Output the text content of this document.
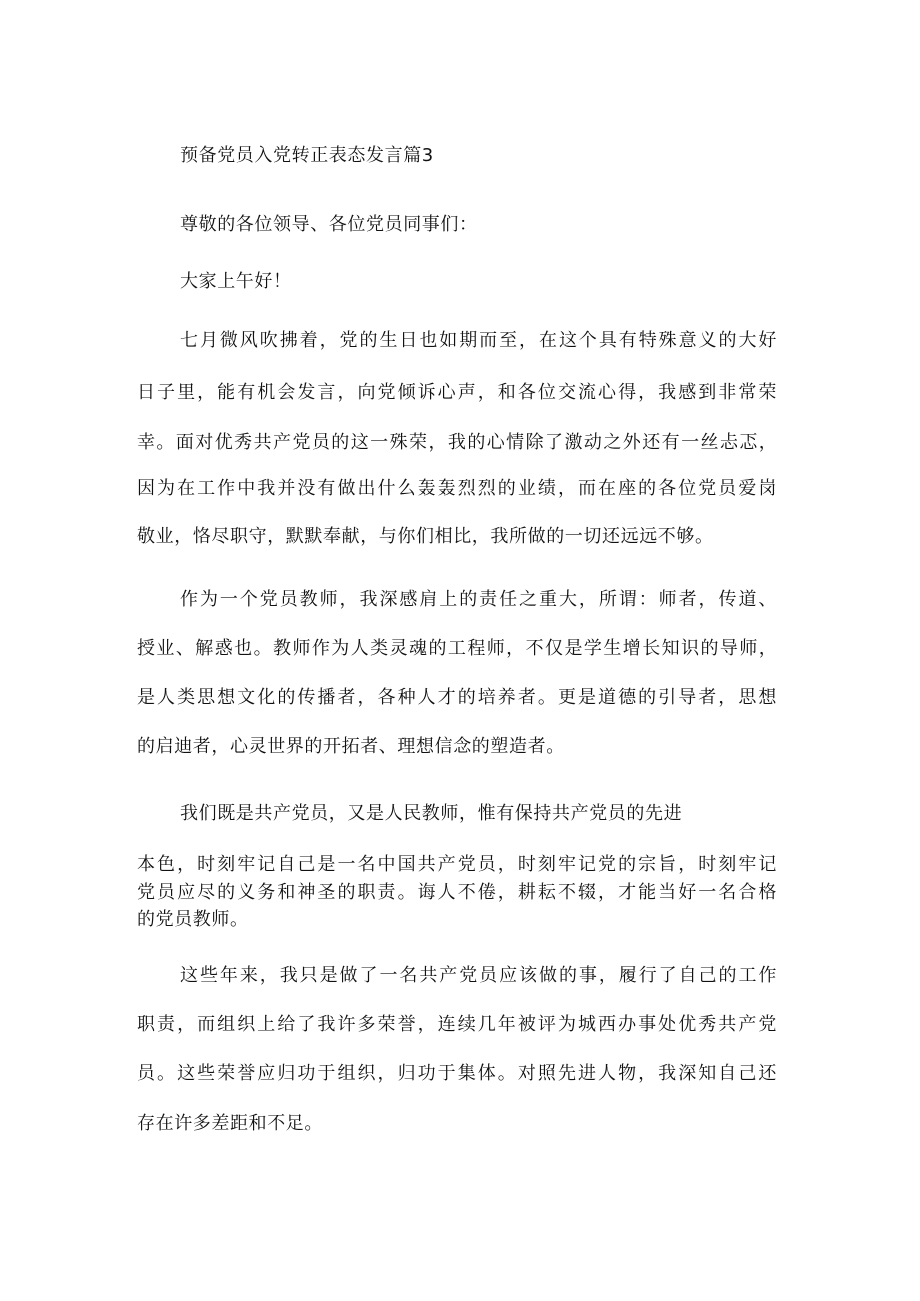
预备党员入党转正表态发言篇3
尊敬的各位领导、各位党员同事们：
大家上午好！
七月微风吹拂着，党的生日也如期而至，在这个具有特殊意义的大好
日子里，能有机会发言，向党倾诉心声，和各位交流心得，我感到非常荣
幸。面对优秀共产党员的这一殊荣，我的心情除了激动之外还有一丝忐忑，
因为在工作中我并没有做出什么轰轰烈烈的业绩，而在座的各位党员爱岗
敬业，恪尽职守，默默奉献，与你们相比，我所做的一切还远远不够。
作为一个党员教师，我深感肩上的责任之重大，所谓：师者，传道、
授业、解惑也。教师作为人类灵魂的工程师，不仅是学生增长知识的导师，
是人类思想文化的传播者，各种人才的培养者。更是道德的引导者，思想
的启迪者，心灵世界的开拓者、理想信念的塑造者。
我们既是共产党员，又是人民教师，惟有保持共产党员的先进
本色，时刻牢记自己是一名中国共产党员，时刻牢记党的宗旨，时刻牢记
党员应尽的义务和神圣的职责。诲人不倦，耕耘不辍，才能当好一名合格
的党员教师。
这些年来，我只是做了一名共产党员应该做的事，履行了自己的工作
职责，而组织上给了我许多荣誉，连续几年被评为城西办事处优秀共产党
员。这些荣誉应归功于组织，归功于集体。对照先进人物，我深知自己还
存在许多差距和不足。
